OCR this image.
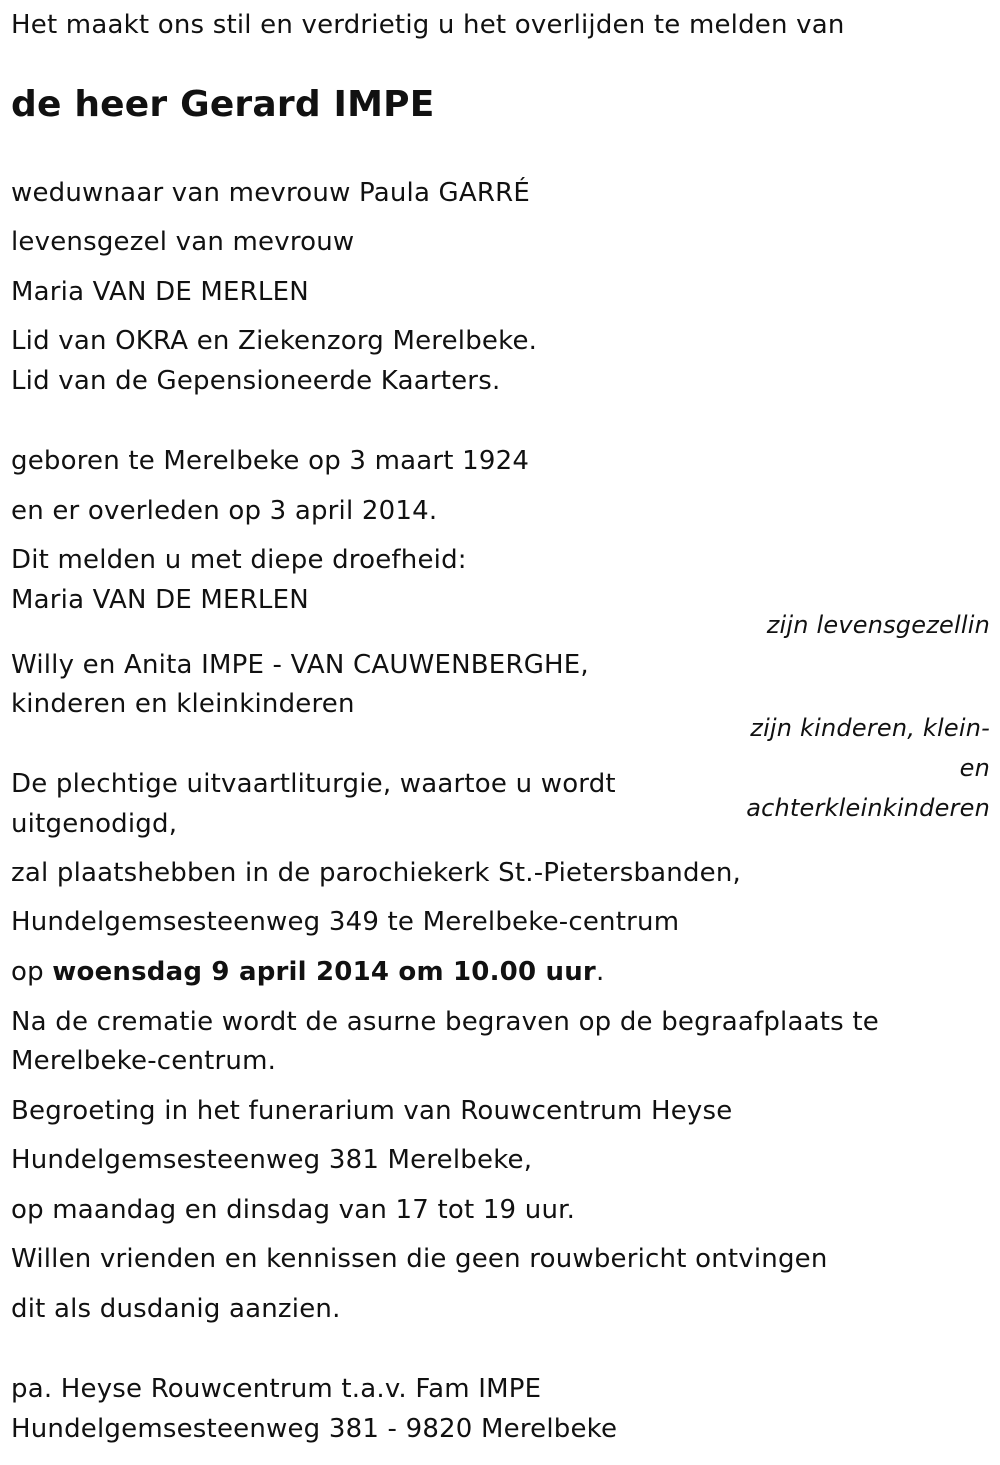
Het maakt ons stil en verdrietig u het overlijden te melden van
de heer Gerard IMPE
weduwnaar van mevrouw Paula GARRÉ
levensgezel van mevrouw
Maria VAN DE MERLEN
Lid van OKRA en Ziekenzorg Merelbeke.
Lid van de Gepensioneerde Kaarters.
geboren te Merelbeke op 3 maart 1924
en er overleden op 3 april 2014.
Dit melden u met diepe droefheid:
Maria VAN DE MERLEN
zijn levensgezellin
Willy en Anita IMPE - VAN CAUWENBERGHE,
kinderen en kleinkinderen
zijn kinderen, klein-
en
achterkleinkinderen
De plechtige uitvaartliturgie, waartoe u wordt
uitgenodigd,
zal plaatshebben in de parochiekerk St.-Pietersbanden,
Hundelgemsesteenweg 349 te Merelbeke-centrum
op woensdag 9 april 2014 om 10.00 uur.
Na de crematie wordt de asurne begraven op de begraafplaats te
Merelbeke-centrum.
Begroeting in het funerarium van Rouwcentrum Heyse
Hundelgemsesteenweg 381 Merelbeke,
op maandag en dinsdag van 17 tot 19 uur.
Willen vrienden en kennissen die geen rouwbericht ontvingen
dit als dusdanig aanzien.
pa. Heyse Rouwcentrum t.a.v. Fam IMPE
Hundelgemsesteenweg 381 - 9820 Merelbeke
